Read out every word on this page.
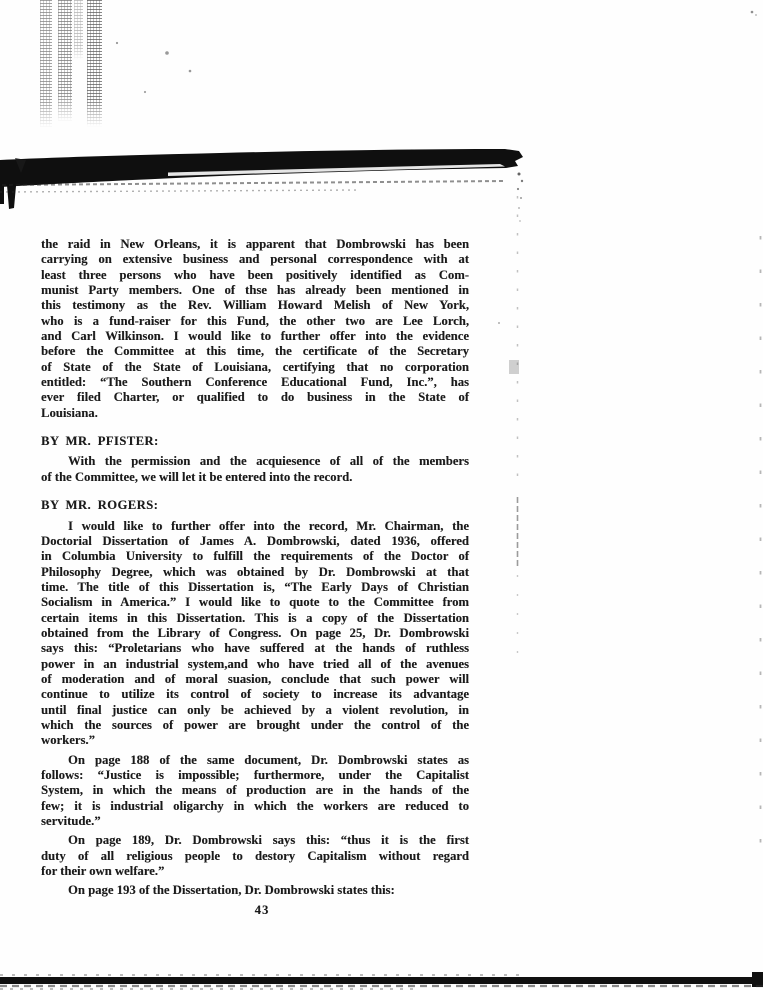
the raid in New Orleans, it is apparent that Dombrowski has been
carrying on extensive business and personal correspondence with at
least three persons who have been positively identified as Com-
munist Party members. One of thse has already been mentioned in
this testimony as the Rev. William Howard Melish of New York,
who is a fund-raiser for this Fund, the other two are Lee Lorch,
and Carl Wilkinson. I would like to further offer into the evidence
before the Committee at this time, the certificate of the Secretary
of State of the State of Louisiana, certifying that no corporation
entitled: “The Southern Conference Educational Fund, Inc.”, has
ever filed Charter, or qualified to do business in the State of
Louisiana.
BY MR. PFISTER:
With the permission and the acquiesence of all of the members
of the Committee, we will let it be entered into the record.
BY MR. ROGERS:
I would like to further offer into the record, Mr. Chairman, the
Doctorial Dissertation of James A. Dombrowski, dated 1936, offered
in Columbia University to fulfill the requirements of the Doctor of
Philosophy Degree, which was obtained by Dr. Dombrowski at that
time. The title of this Dissertation is, “The Early Days of Christian
Socialism in America.” I would like to quote to the Committee from
certain items in this Dissertation. This is a copy of the Dissertation
obtained from the Library of Congress. On page 25, Dr. Dombrowski
says this: “Proletarians who have suffered at the hands of ruthless
power in an industrial system,and who have tried all of the avenues
of moderation and of moral suasion, conclude that such power will
continue to utilize its control of society to increase its advantage
until final justice can only be achieved by a violent revolution, in
which the sources of power are brought under the control of the
workers.”
On page 188 of the same document, Dr. Dombrowski states as
follows: “Justice is impossible; furthermore, under the Capitalist
System, in which the means of production are in the hands of the
few; it is industrial oligarchy in which the workers are reduced to
servitude.”
On page 189, Dr. Dombrowski says this: “thus it is the first
duty of all religious people to destory Capitalism without regard
for their own welfare.”
On page 193 of the Dissertation, Dr. Dombrowski states this:
43
